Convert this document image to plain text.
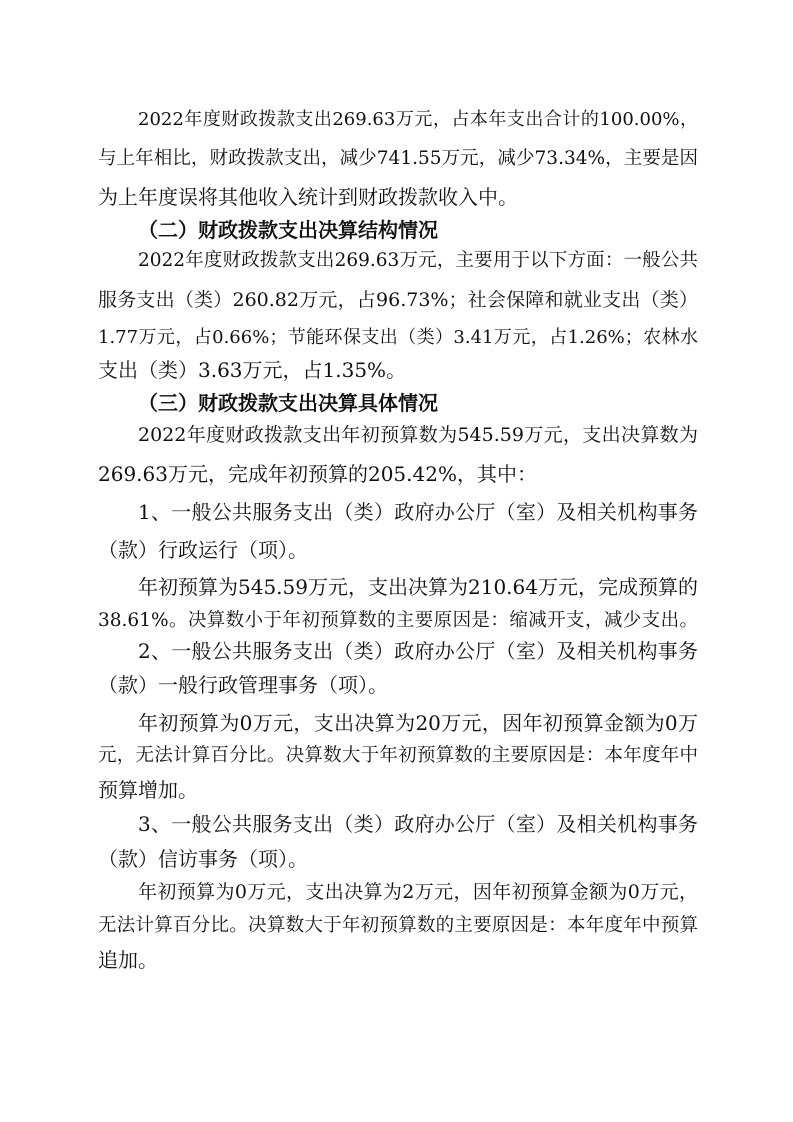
2022年度财政拨款支出269.63万元，占本年支出合计的100.00%，

与上年相比，财政拨款支出，减少741.55万元，减少73.34%，主要是因

为上年度误将其他收入统计到财政拨款收入中。

（二）财政拨款支出决算结构情况

2022年度财政拨款支出269.63万元，主要用于以下方面：一般公共

服务支出（类）260.82万元，占96.73%；社会保障和就业支出（类）

1.77万元，占0.66%；节能环保支出（类）3.41万元，占1.26%；农林水

支出（类）3.63万元，占1.35%。

（三）财政拨款支出决算具体情况

2022年度财政拨款支出年初预算数为545.59万元，支出决算数为

269.63万元，完成年初预算的205.42%，其中：

1、一般公共服务支出（类）政府办公厅（室）及相关机构事务

（款）行政运行（项）。

年初预算为545.59万元，支出决算为210.64万元，完成预算的

38.61%。决算数小于年初预算数的主要原因是：缩减开支，减少支出。

2、一般公共服务支出（类）政府办公厅（室）及相关机构事务

（款）一般行政管理事务（项）。

年初预算为0万元，支出决算为20万元，因年初预算金额为0万

元，无法计算百分比。决算数大于年初预算数的主要原因是：本年度年中

预算增加。

3、一般公共服务支出（类）政府办公厅（室）及相关机构事务

（款）信访事务（项）。

年初预算为0万元，支出决算为2万元，因年初预算金额为0万元，

无法计算百分比。决算数大于年初预算数的主要原因是：本年度年中预算

追加。
